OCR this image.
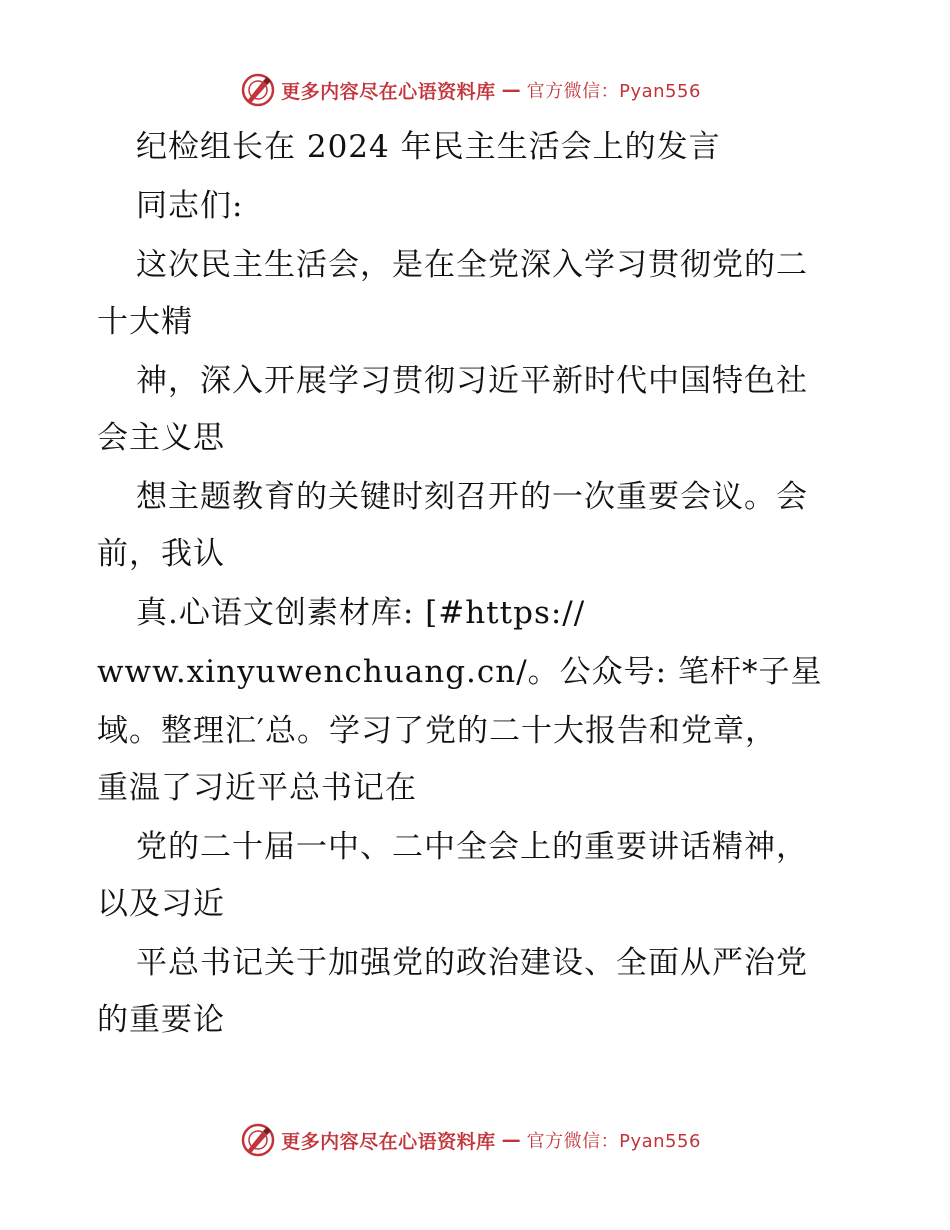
更多内容尽在心语资料库 — 官方微信：Pyan556
纪检组长在 2024 年民主生活会上的发言
同志们:
这次民主生活会，是在全党深入学习贯彻党的二
十大精
神，深入开展学习贯彻习近平新时代中国特色社
会主义思
想主题教育的关键时刻召开的一次重要会议。会
前，我认
真.心语文创素材库: [#https://
www.xinyuwenchuang.cn/。公众号: 笔杆*子星
域。整理汇′总。学习了党的二十大报告和党章，
重温了习近平总书记在
党的二十届一中、二中全会上的重要讲话精神，
以及习近
平总书记关于加强党的政治建设、全面从严治党
的重要论
更多内容尽在心语资料库 — 官方微信：Pyan556
